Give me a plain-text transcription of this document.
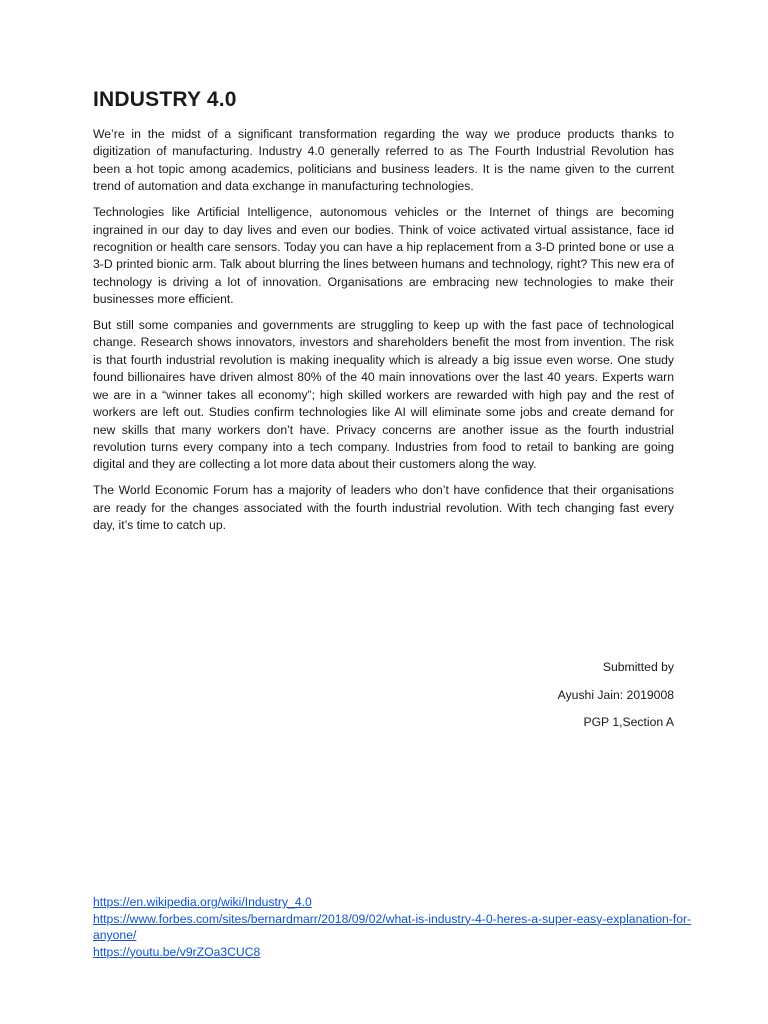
INDUSTRY 4.0

We’re in the midst of a significant transformation regarding the way we produce products thanks to digitization of manufacturing. Industry 4.0 generally referred to as The Fourth Industrial Revolution has been a hot topic among academics, politicians and business leaders. It is the name given to the current trend of automation and data exchange in manufacturing technologies.

Technologies like Artificial Intelligence, autonomous vehicles or the Internet of things are becoming ingrained in our day to day lives and even our bodies. Think of voice activated virtual assistance, face id recognition or health care sensors. Today you can have a hip replacement from a 3-D printed bone or use a 3-D printed bionic arm. Talk about blurring the lines between humans and technology, right? This new era of technology is driving a lot of innovation. Organisations are embracing new technologies to make their businesses more efficient.

But still some companies and governments are struggling to keep up with the fast pace of technological change. Research shows innovators, investors and shareholders benefit the most from invention. The risk is that fourth industrial revolution is making inequality which is already a big issue even worse. One study found billionaires have driven almost 80% of the 40 main innovations over the last 40 years. Experts warn we are in a “winner takes all economy”; high skilled workers are rewarded with high pay and the rest of workers are left out. Studies confirm technologies like AI will eliminate some jobs and create demand for new skills that many workers don’t have. Privacy concerns are another issue as the fourth industrial revolution turns every company into a tech company. Industries from food to retail to banking are going digital and they are collecting a lot more data about their customers along the way.

The World Economic Forum has a majority of leaders who don’t have confidence that their organisations are ready for the changes associated with the fourth industrial revolution. With tech changing fast every day, it’s time to catch up.

Submitted by
Ayushi Jain: 2019008
PGP 1,Section A
https://en.wikipedia.org/wiki/Industry_4.0
https://www.forbes.com/sites/bernardmarr/2018/09/02/what-is-industry-4-0-heres-a-super-easy-explanation-for-anyone/
https://youtu.be/v9rZOa3CUC8
